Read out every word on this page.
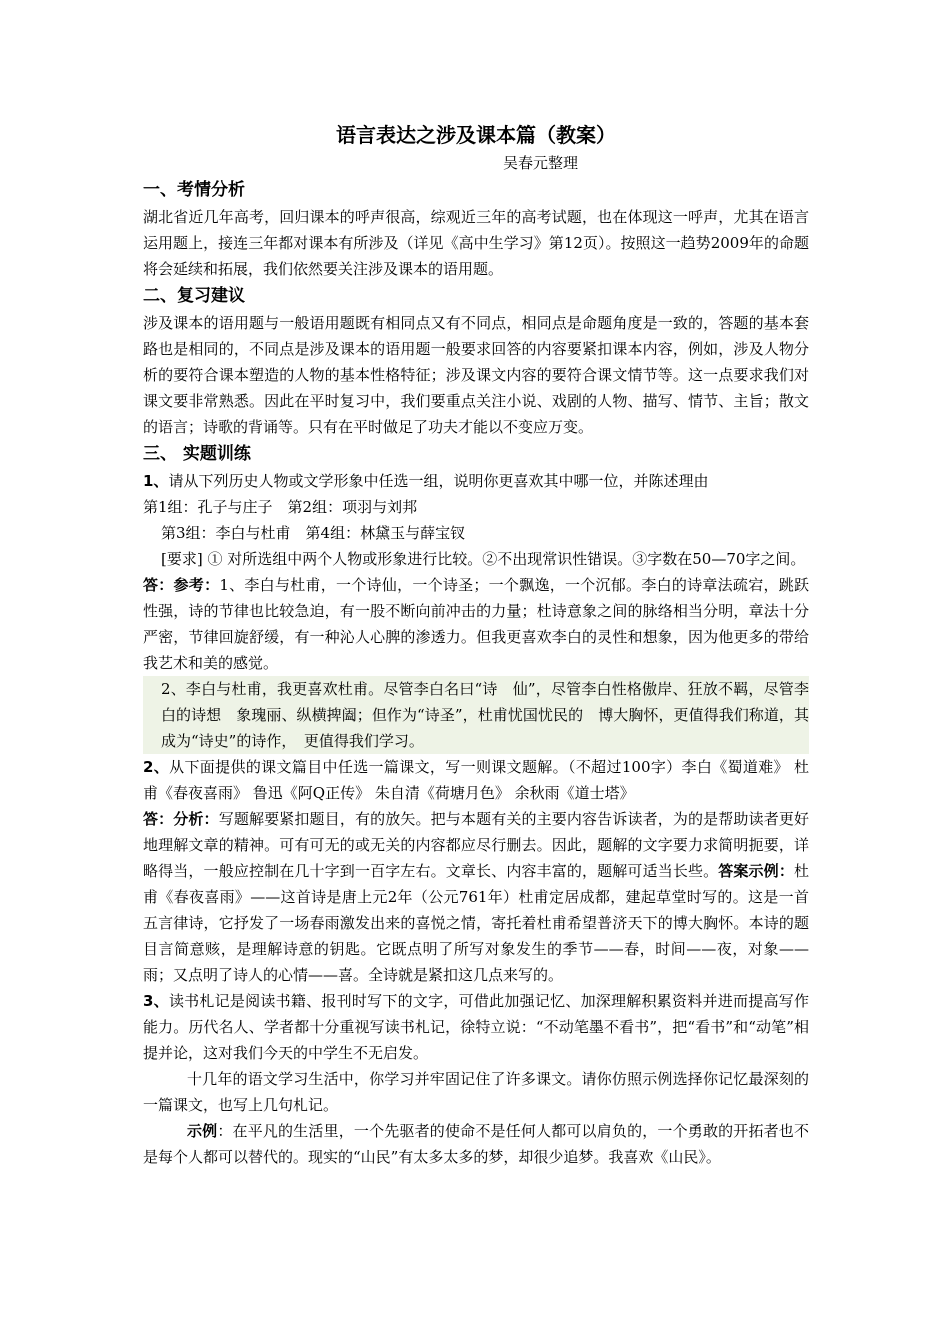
语言表达之涉及课本篇（教案）

吴春元整理

一、考情分析

湖北省近几年高考，回归课本的呼声很高，综观近三年的高考试题，也在体现这一呼声，尤其在语言运用题上，接连三年都对课本有所涉及（详见《高中生学习》第12页）。按照这一趋势2009年的命题将会延续和拓展，我们依然要关注涉及课本的语用题。

二、复习建议

涉及课本的语用题与一般语用题既有相同点又有不同点，相同点是命题角度是一致的，答题的基本套路也是相同的，不同点是涉及课本的语用题一般要求回答的内容要紧扣课本内容，例如，涉及人物分析的要符合课本塑造的人物的基本性格特征；涉及课文内容的要符合课文情节等。这一点要求我们对课文要非常熟悉。因此在平时复习中，我们要重点关注小说、戏剧的人物、描写、情节、主旨；散文的语言；诗歌的背诵等。只有在平时做足了功夫才能以不变应万变。

三、 实题训练

1、请从下列历史人物或文学形象中任选一组，说明你更喜欢其中哪一位，并陈述理由

第1组：孔子与庄子　第2组：项羽与刘邦

第3组：李白与杜甫　第4组：林黛玉与薛宝钗

[要求] ① 对所选组中两个人物或形象进行比较。②不出现常识性错误。③字数在50—70字之间。

答：参考：1、李白与杜甫，一个诗仙，一个诗圣；一个飘逸，一个沉郁。李白的诗章法疏宕，跳跃性强，诗的节律也比较急迫，有一股不断向前冲击的力量；杜诗意象之间的脉络相当分明，章法十分严密，节律回旋舒缓，有一种沁人心脾的渗透力。但我更喜欢李白的灵性和想象，因为他更多的带给我艺术和美的感觉。

2、李白与杜甫，我更喜欢杜甫。尽管李白名曰“诗　仙”，尽管李白性格傲岸、狂放不羁，尽管李白的诗想　象瑰丽、纵横捭阖；但作为“诗圣”，杜甫忧国忧民的　博大胸怀，更值得我们称道，其成为“诗史”的诗作，　更值得我们学习。

2、从下面提供的课文篇目中任选一篇课文，写一则课文题解。（不超过100字）李白《蜀道难》 杜甫《春夜喜雨》 鲁迅《阿Q正传》 朱自清《荷塘月色》 余秋雨《道士塔》

答：分析：写题解要紧扣题目，有的放矢。把与本题有关的主要内容告诉读者，为的是帮助读者更好地理解文章的精神。可有可无的或无关的内容都应尽行删去。因此，题解的文字要力求简明扼要，详略得当，一般应控制在几十字到一百字左右。文章长、内容丰富的，题解可适当长些。答案示例：杜甫《春夜喜雨》——这首诗是唐上元2年（公元761年）杜甫定居成都，建起草堂时写的。这是一首五言律诗，它抒发了一场春雨激发出来的喜悦之情，寄托着杜甫希望普济天下的博大胸怀。本诗的题目言简意赅，是理解诗意的钥匙。它既点明了所写对象发生的季节——春，时间——夜，对象——雨；又点明了诗人的心情——喜。全诗就是紧扣这几点来写的。

3、读书札记是阅读书籍、报刊时写下的文字，可借此加强记忆、加深理解积累资料并进而提高写作能力。历代名人、学者都十分重视写读书札记，徐特立说：“不动笔墨不看书”，把“看书”和“动笔”相提并论，这对我们今天的中学生不无启发。

十几年的语文学习生活中，你学习并牢固记住了许多课文。请你仿照示例选择你记忆最深刻的一篇课文，也写上几句札记。

示例：在平凡的生活里，一个先驱者的使命不是任何人都可以肩负的，一个勇敢的开拓者也不是每个人都可以替代的。现实的“山民”有太多太多的梦，却很少追梦。我喜欢《山民》。
